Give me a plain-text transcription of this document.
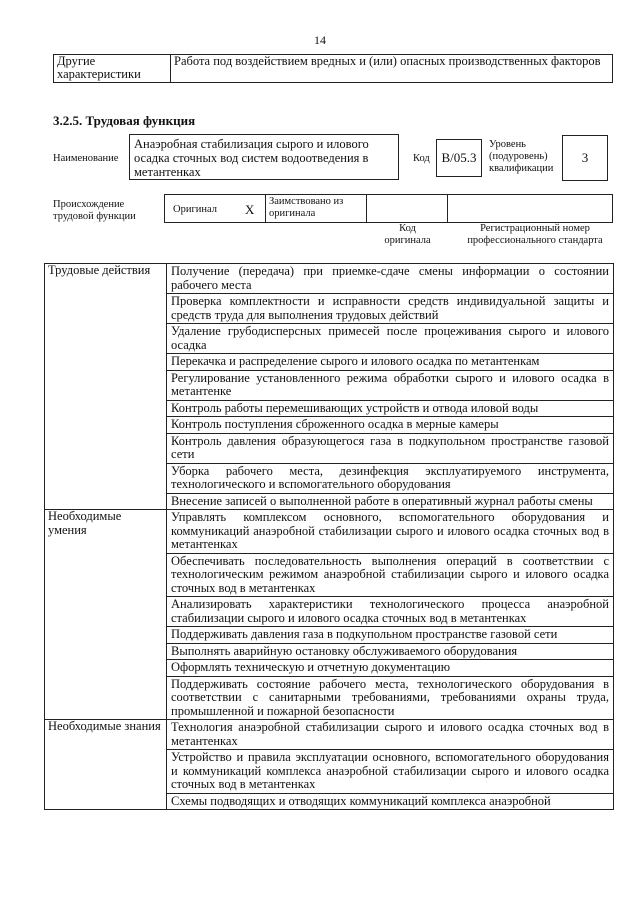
14
Другие характеристики	Работа под воздействием вредных и (или) опасных производственных факторов
3.2.5. Трудовая функция
Наименование
Анаэробная стабилизация сырого и илового осадка сточных вод систем водоотведения в метантенках
Код B/05.3
Уровень (подуровень) квалификации
3
Происхождение трудовой функции
Оригинал X
Заимствовано из оригинала
Код оригинала
Регистрационный номер профессионального стандарта
Трудовые действия	Получение (передача) при приемке-сдаче смены информации о состоянии рабочего места
	Проверка комплектности и исправности средств индивидуальной защиты и средств труда для выполнения трудовых действий
	Удаление грубодисперсных примесей после процеживания сырого и илового осадка
	Перекачка и распределение сырого и илового осадка по метантенкам
	Регулирование установленного режима обработки сырого и илового осадка в метантенке
	Контроль работы перемешивающих устройств и отвода иловой воды
	Контроль поступления сброженного осадка в мерные камеры
	Контроль давления образующегося газа в подкупольном пространстве газовой сети
	Уборка рабочего места, дезинфекция эксплуатируемого инструмента, технологического и вспомогательного оборудования
	Внесение записей о выполненной работе в оперативный журнал работы смены
Необходимые умения	Управлять комплексом основного, вспомогательного оборудования и коммуникаций анаэробной стабилизации сырого и илового осадка сточных вод в метантенках
	Обеспечивать последовательность выполнения операций в соответствии с технологическим режимом анаэробной стабилизации сырого и илового осадка сточных вод в метантенках
	Анализировать характеристики технологического процесса анаэробной стабилизации сырого и илового осадка сточных вод в метантенках
	Поддерживать давления газа в подкупольном пространстве газовой сети
	Выполнять аварийную остановку обслуживаемого оборудования
	Оформлять техническую и отчетную документацию
	Поддерживать состояние рабочего места, технологического оборудования в соответствии с санитарными требованиями, требованиями охраны труда, промышленной и пожарной безопасности
Необходимые знания	Технология анаэробной стабилизации сырого и илового осадка сточных вод в метантенках
	Устройство и правила эксплуатации основного, вспомогательного оборудования и коммуникаций комплекса анаэробной стабилизации сырого и илового осадка сточных вод в метантенках
	Схемы подводящих и отводящих коммуникаций комплекса анаэробной
